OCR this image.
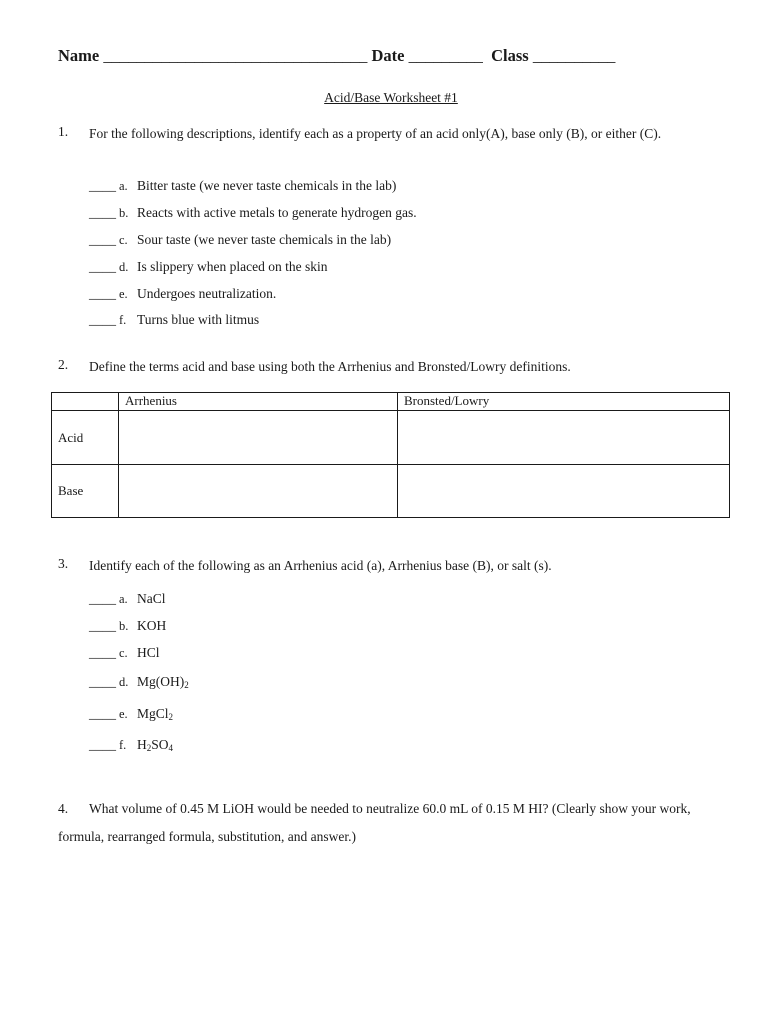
Name ________________________________ Date _________ Class __________
Acid/Base Worksheet #1
1. For the following descriptions, identify each as a property of an acid only(A), base only (B), or either (C).
____ a. Bitter taste (we never taste chemicals in the lab)
____ b. Reacts with active metals to generate hydrogen gas.
____ c. Sour taste (we never taste chemicals in the lab)
____ d. Is slippery when placed on the skin
____ e. Undergoes neutralization.
____ f. Turns blue with litmus
2. Define the terms acid and base using both the Arrhenius and Bronsted/Lowry definitions.
	Arrhenius	Bronsted/Lowry
Acid		
Base		
3. Identify each of the following as an Arrhenius acid (a), Arrhenius base (B), or salt (s).
____ a. NaCl
____ b. KOH
____ c. HCl
____ d. $Mg(OH)_2$
____ e. MgCl$_2$
____ f. $H_2SO_4$
4. What volume of 0.45 M LiOH would be needed to neutralize 60.0 mL of 0.15 M HI? (Clearly show your work, formula, rearranged formula, substitution, and answer.)
